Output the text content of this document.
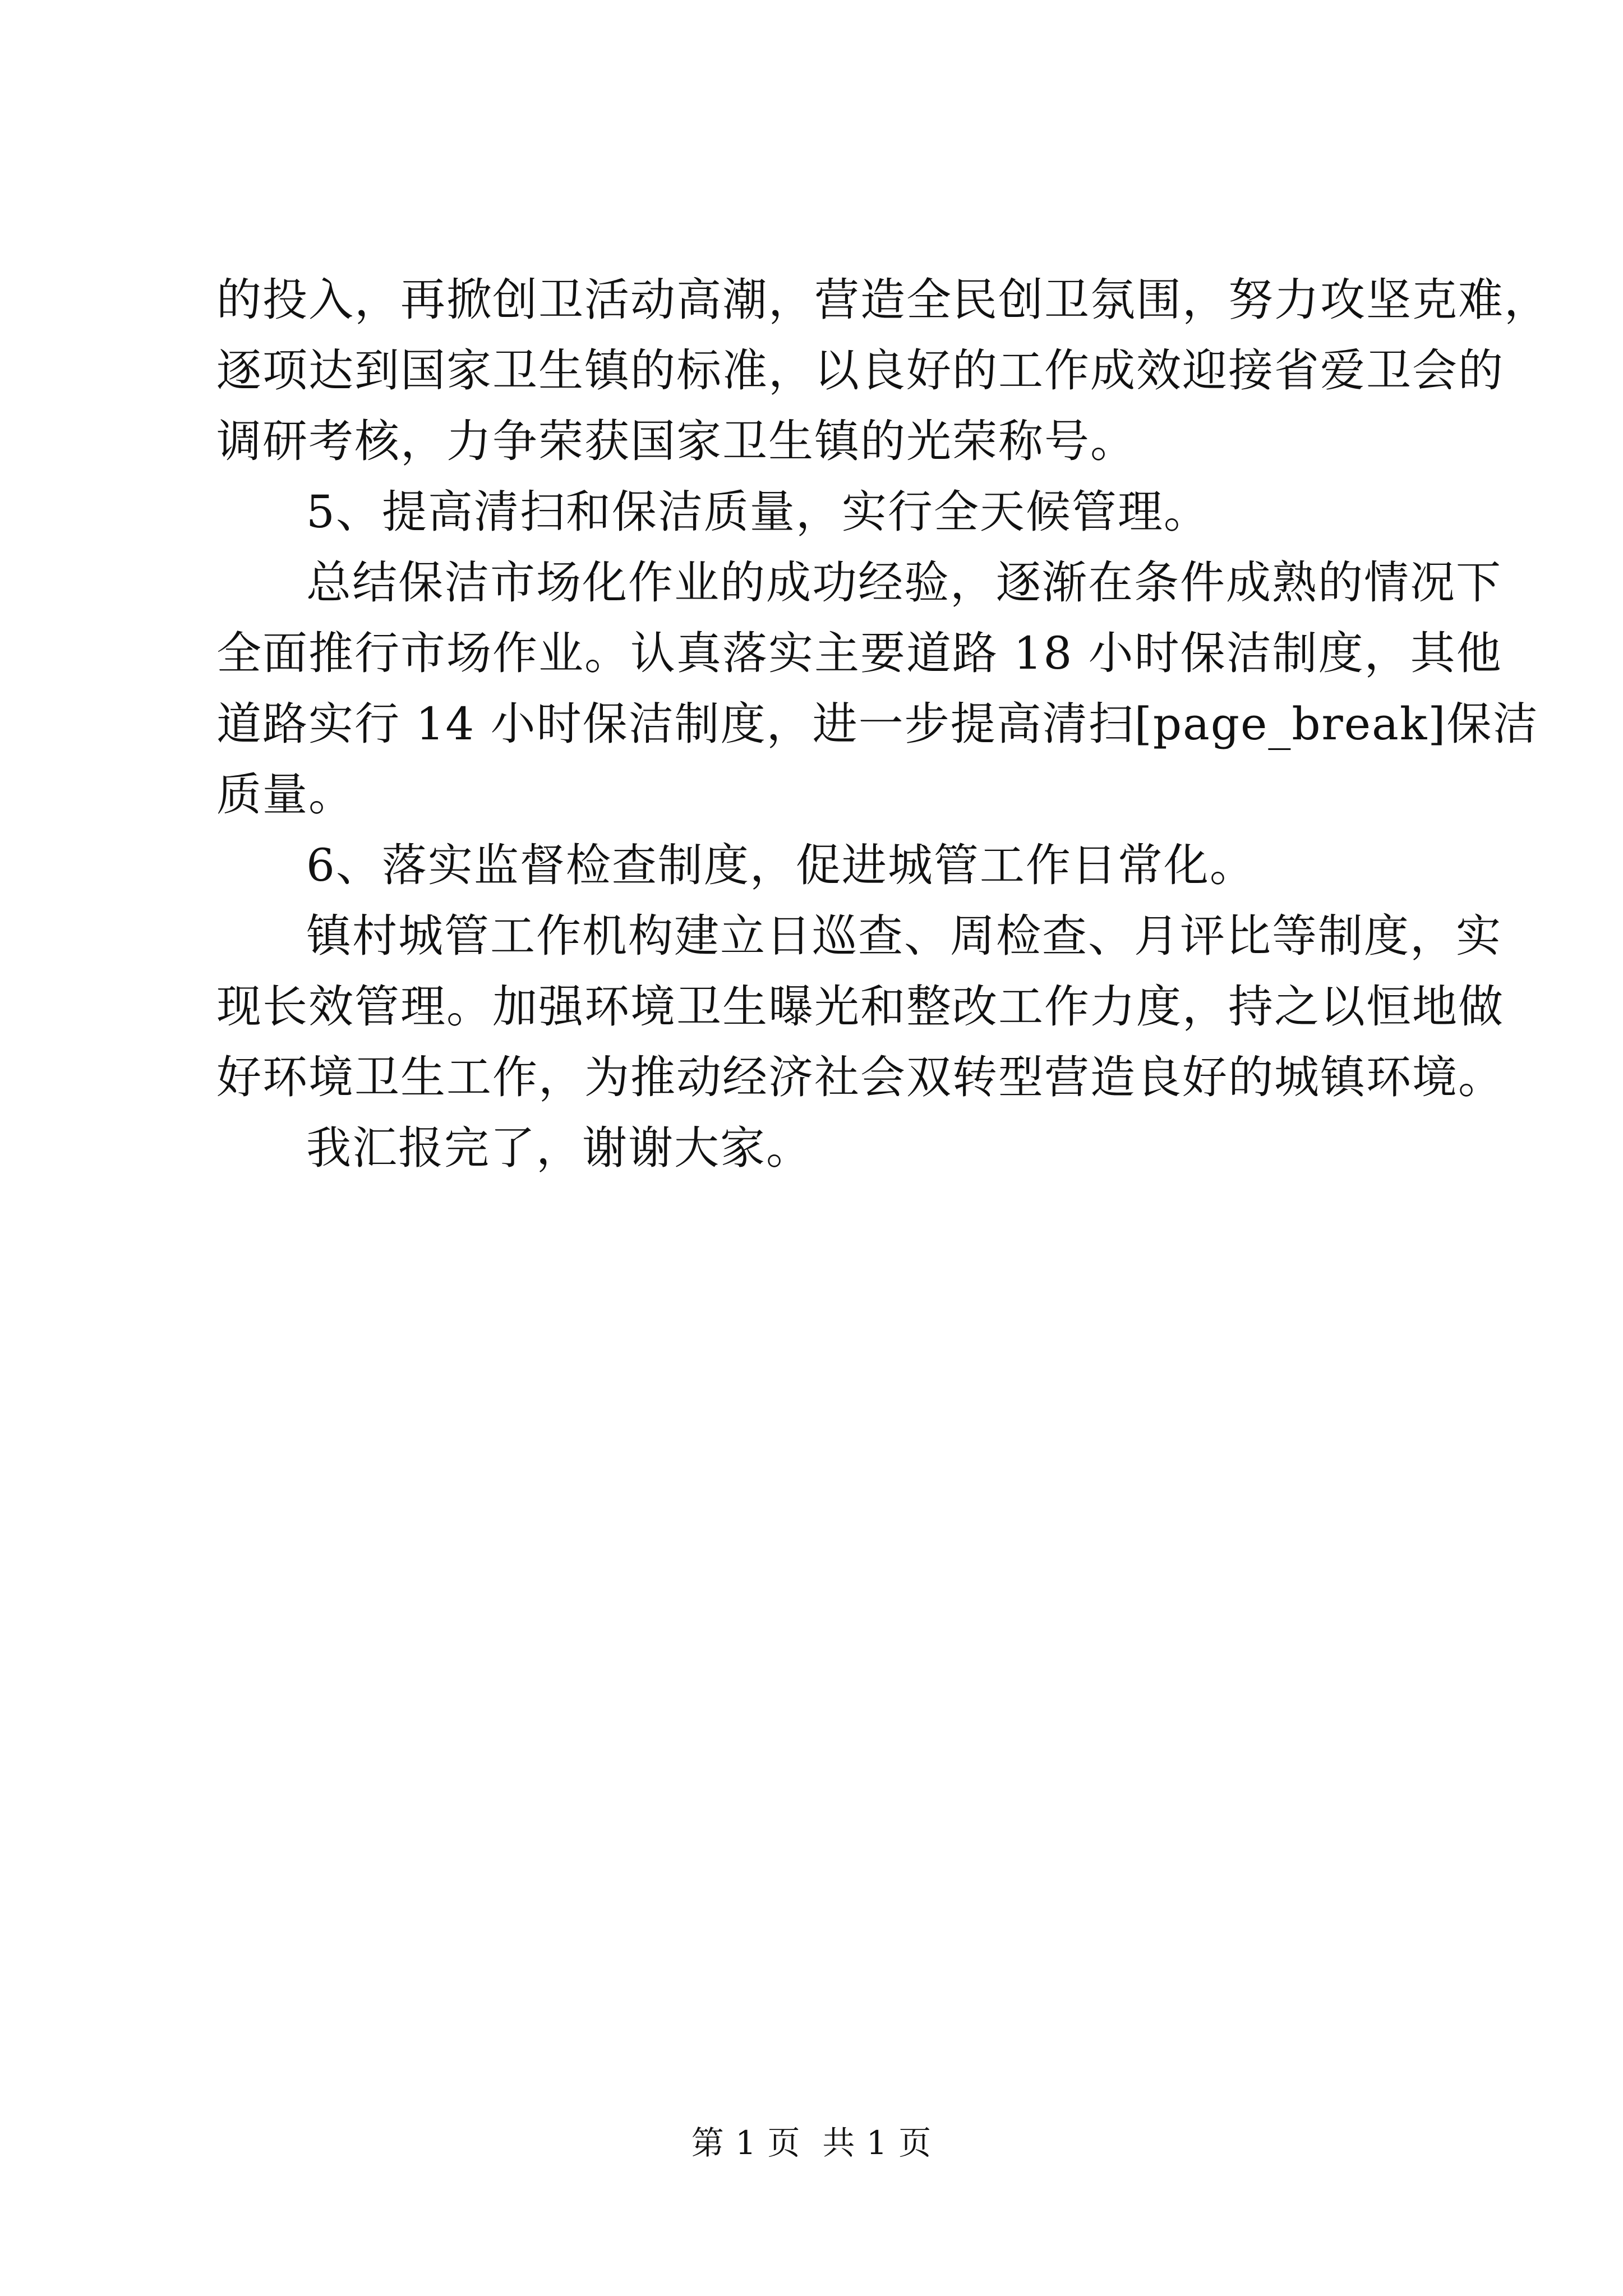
的投入，再掀创卫活动高潮，营造全民创卫氛围，努力攻坚克难，
逐项达到国家卫生镇的标准，以良好的工作成效迎接省爱卫会的
调研考核，力争荣获国家卫生镇的光荣称号。
5、提高清扫和保洁质量，实行全天候管理。
总结保洁市场化作业的成功经验，逐渐在条件成熟的情况下
全面推行市场作业。认真落实主要道路 18 小时保洁制度，其他
道路实行 14 小时保洁制度，进一步提高清扫[page_break]保洁
质量。
6、落实监督检查制度，促进城管工作日常化。
镇村城管工作机构建立日巡查、周检查、月评比等制度，实
现长效管理。加强环境卫生曝光和整改工作力度，持之以恒地做
好环境卫生工作，为推动经济社会双转型营造良好的城镇环境。
我汇报完了，谢谢大家。
第 1 页  共 1 页
